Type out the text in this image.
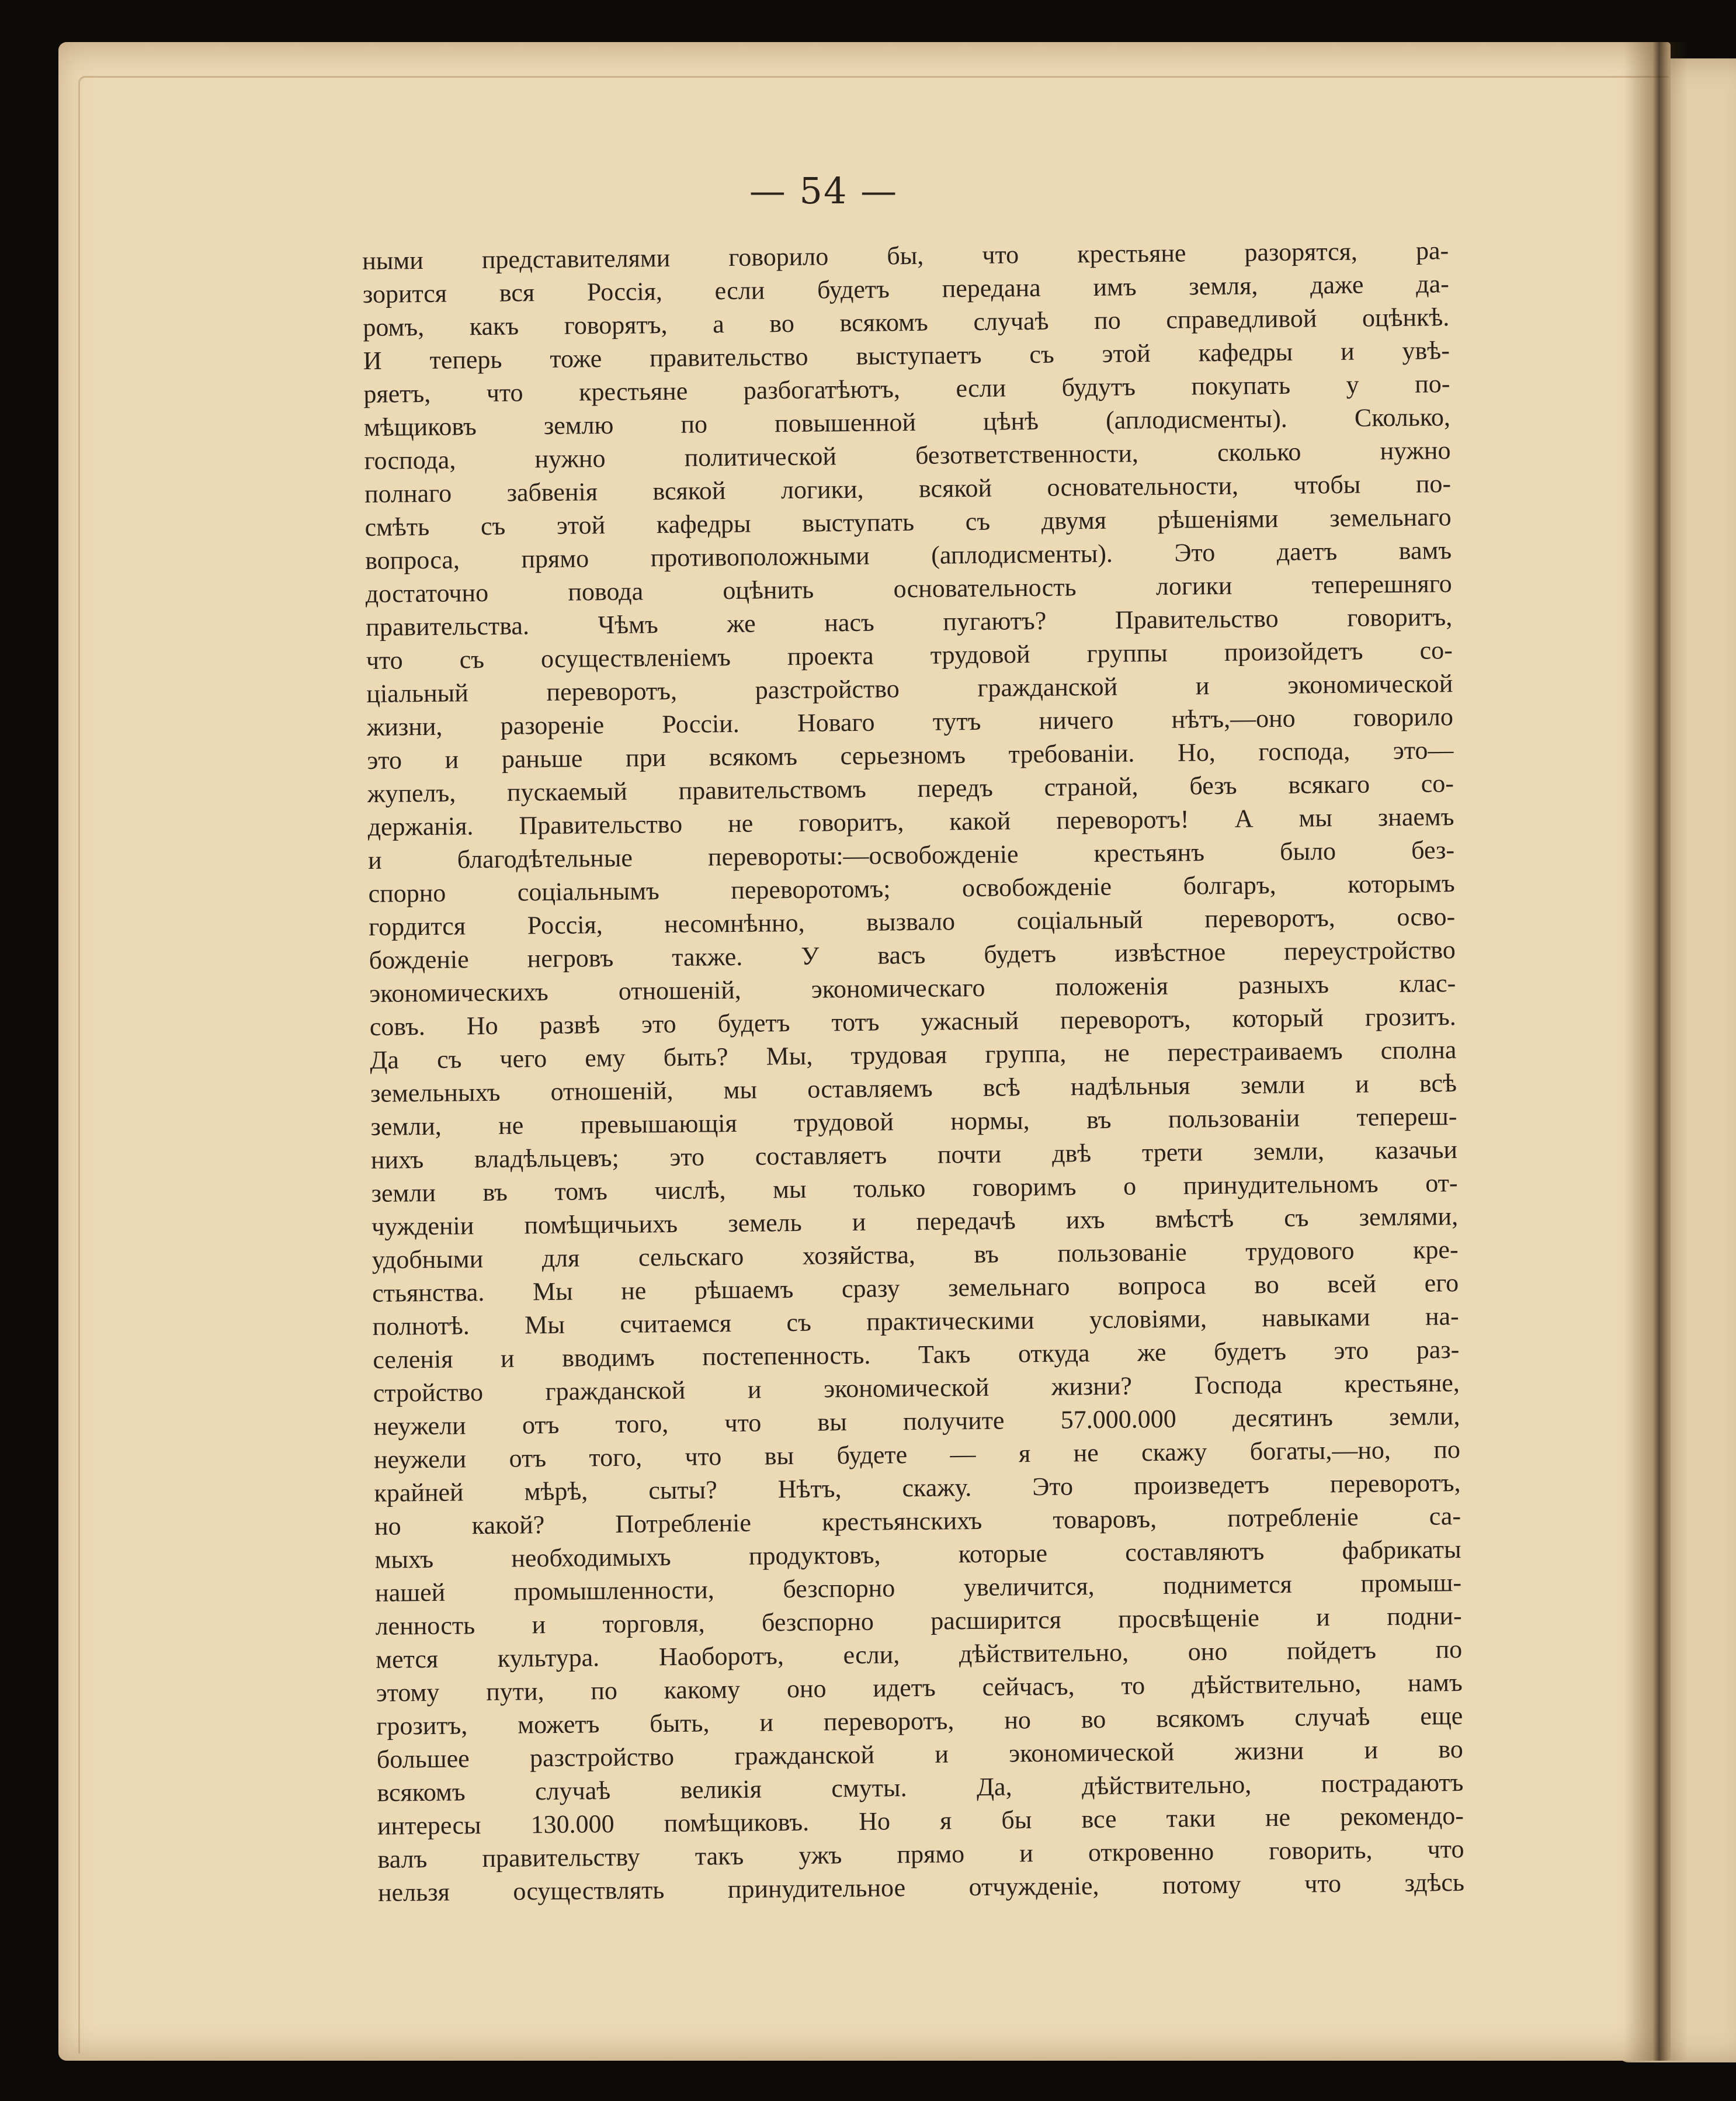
— 54 —
ными представителями говорило бы, что крестьяне разорятся, ра-
зорится вся Россія, если будетъ передана имъ земля, даже да-
ромъ, какъ говорятъ, а во всякомъ случаѣ по справедливой оцѣнкѣ.
И теперь тоже правительство выступаетъ съ этой кафедры и увѣ-
ряетъ, что крестьяне разбогатѣютъ, если будутъ покупать у по-
мѣщиковъ землю по повышенной цѣнѣ (аплодисменты). Сколько,
господа, нужно политической безответственности, сколько нужно
полнаго забвенія всякой логики, всякой основательности, чтобы по-
смѣть съ этой кафедры выступать съ двумя рѣшеніями земельнаго
вопроса, прямо противоположными (аплодисменты). Это даетъ вамъ
достаточно повода оцѣнить основательность логики теперешняго
правительства. Чѣмъ же насъ пугаютъ? Правительство говоритъ,
что съ осуществленіемъ проекта трудовой группы произойдетъ со-
ціальный переворотъ, разстройство гражданской и экономической
жизни, разореніе Россіи. Новаго тутъ ничего нѣтъ,—оно говорило
это и раньше при всякомъ серьезномъ требованіи. Но, господа, это—
жупелъ, пускаемый правительствомъ передъ страной, безъ всякаго со-
держанія. Правительство не говоритъ, какой переворотъ! А мы знаемъ
и благодѣтельные перевороты:—освобожденіе крестьянъ было без-
спорно соціальнымъ переворотомъ; освобожденіе болгаръ, которымъ
гордится Россія, несомнѣнно, вызвало соціальный переворотъ, осво-
божденіе негровъ также. У васъ будетъ извѣстное переустройство
экономическихъ отношеній, экономическаго положенія разныхъ клас-
совъ. Но развѣ это будетъ тотъ ужасный переворотъ, который грозитъ.
Да съ чего ему быть? Мы, трудовая группа, не перестраиваемъ сполна
земельныхъ отношеній, мы оставляемъ всѣ надѣльныя земли и всѣ
земли, не превышающія трудовой нормы, въ пользованіи теперeш-
нихъ владѣльцевъ; это составляетъ почти двѣ трети земли, казачьи
земли въ томъ числѣ, мы только говоримъ о принудительномъ от-
чужденіи помѣщичьихъ земель и передачѣ ихъ вмѣстѣ съ землями,
удобными для сельскаго хозяйства, въ пользованіе трудового кре-
стьянства. Мы не рѣшаемъ сразу земельнаго вопроса во всей его
полнотѣ. Мы считаемся съ практическими условіями, навыками на-
селенія и вводимъ постепенность. Такъ откуда же будетъ это раз-
стройство гражданской и экономической жизни? Господа крестьяне,
неужели отъ того, что вы получите 57.000.000 десятинъ земли,
неужели отъ того, что вы будете — я не скажу богаты,—но, по
крайней мѣрѣ, сыты? Нѣтъ, скажу. Это произведетъ переворотъ,
но какой? Потребленіе крестьянскихъ товаровъ, потребленіе са-
мыхъ необходимыхъ продуктовъ, которые составляютъ фабрикаты
нашей промышленности, безспорно увеличится, поднимется промыш-
ленность и торговля, безспорно расширится просвѣщеніе и подни-
мется культура. Наоборотъ, если, дѣйствительно, оно пойдетъ по
этому пути, по какому оно идетъ сейчасъ, то дѣйствительно, намъ
грозитъ, можетъ быть, и переворотъ, но во всякомъ случаѣ еще
большее разстройство гражданской и экономической жизни и во
всякомъ случаѣ великія смуты. Да, дѣйствительно, пострадаютъ
интересы 130.000 помѣщиковъ. Но я бы все таки не рекомендо-
валъ правительству такъ ужъ прямо и откровенно говорить, что
нельзя осуществлять принудительное отчужденіе, потому что здѣсь
